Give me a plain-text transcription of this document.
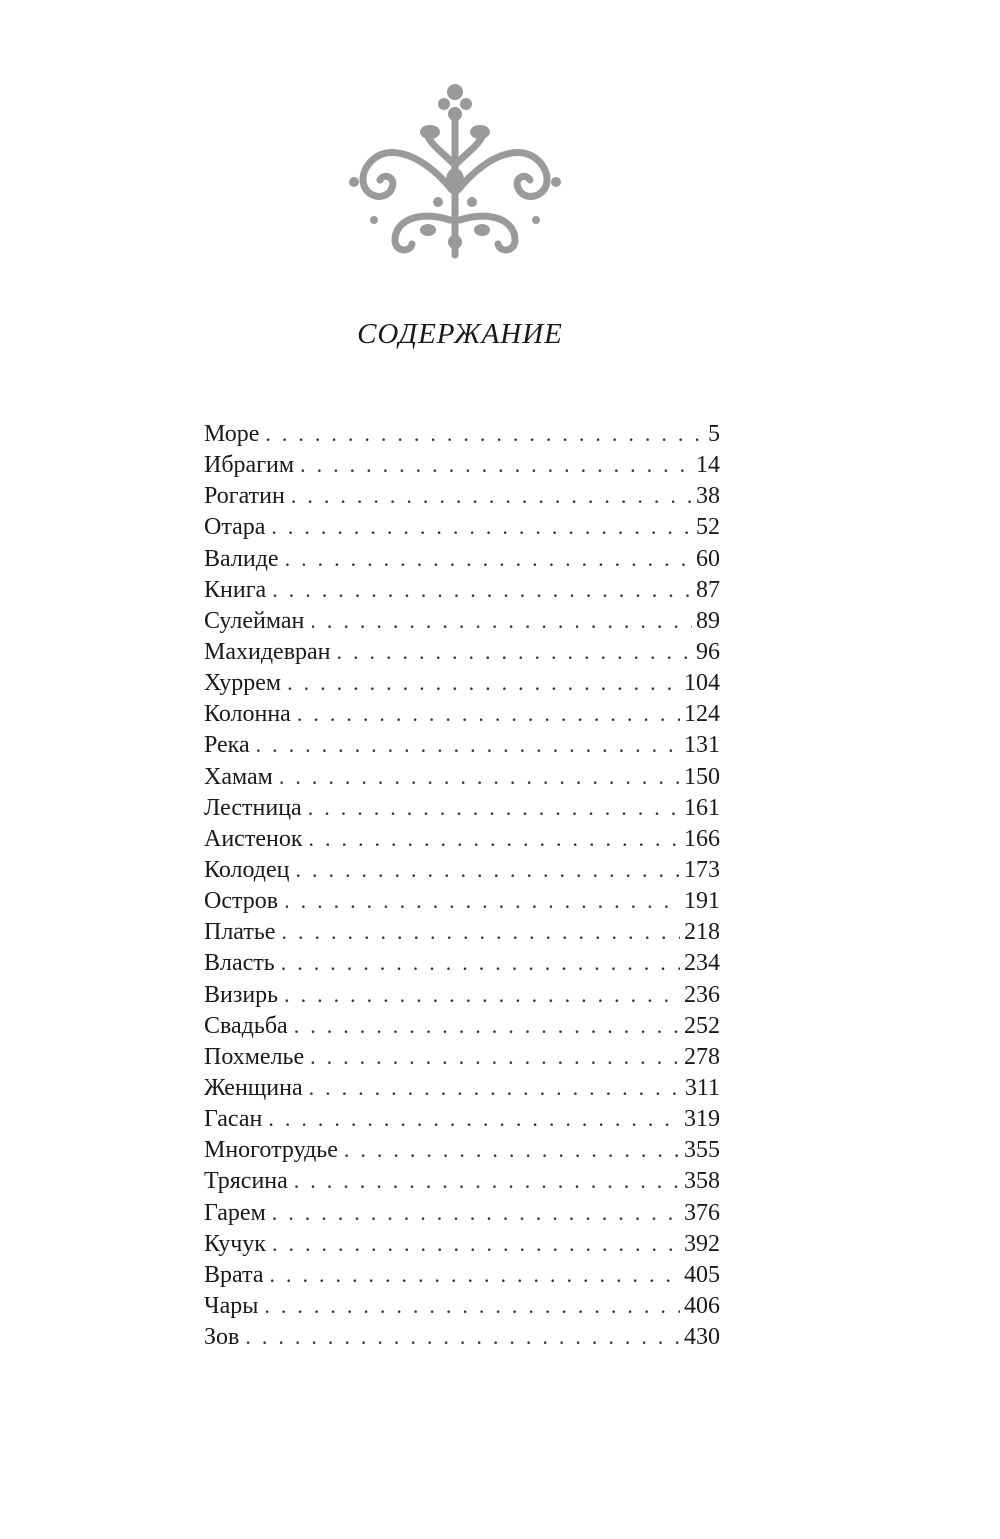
СОДЕРЖАНИЕ
Море . . .	5
Ибрагим . . .	14
Рогатин . . .	38
Отара . . .	52
Валиде . . .	60
Книга . . .	87
Сулейман . . .	89
Махидевран . . .	96
Хуррем . . .	104
Колонна . . .	124
Река . . .	131
Хамам . . .	150
Лестница . . .	161
Аистенок . . .	166
Колодец . . .	173
Остров . . .	191
Платье . . .	218
Власть . . .	234
Визирь . . .	236
Свадьба . . .	252
Похмелье . . .	278
Женщина . . .	311
Гасан . . .	319
Многотрудье . . .	355
Трясина . . .	358
Гарем . . .	376
Кучук . . .	392
Врата . . .	405
Чары . . .	406
Зов . . .	430
